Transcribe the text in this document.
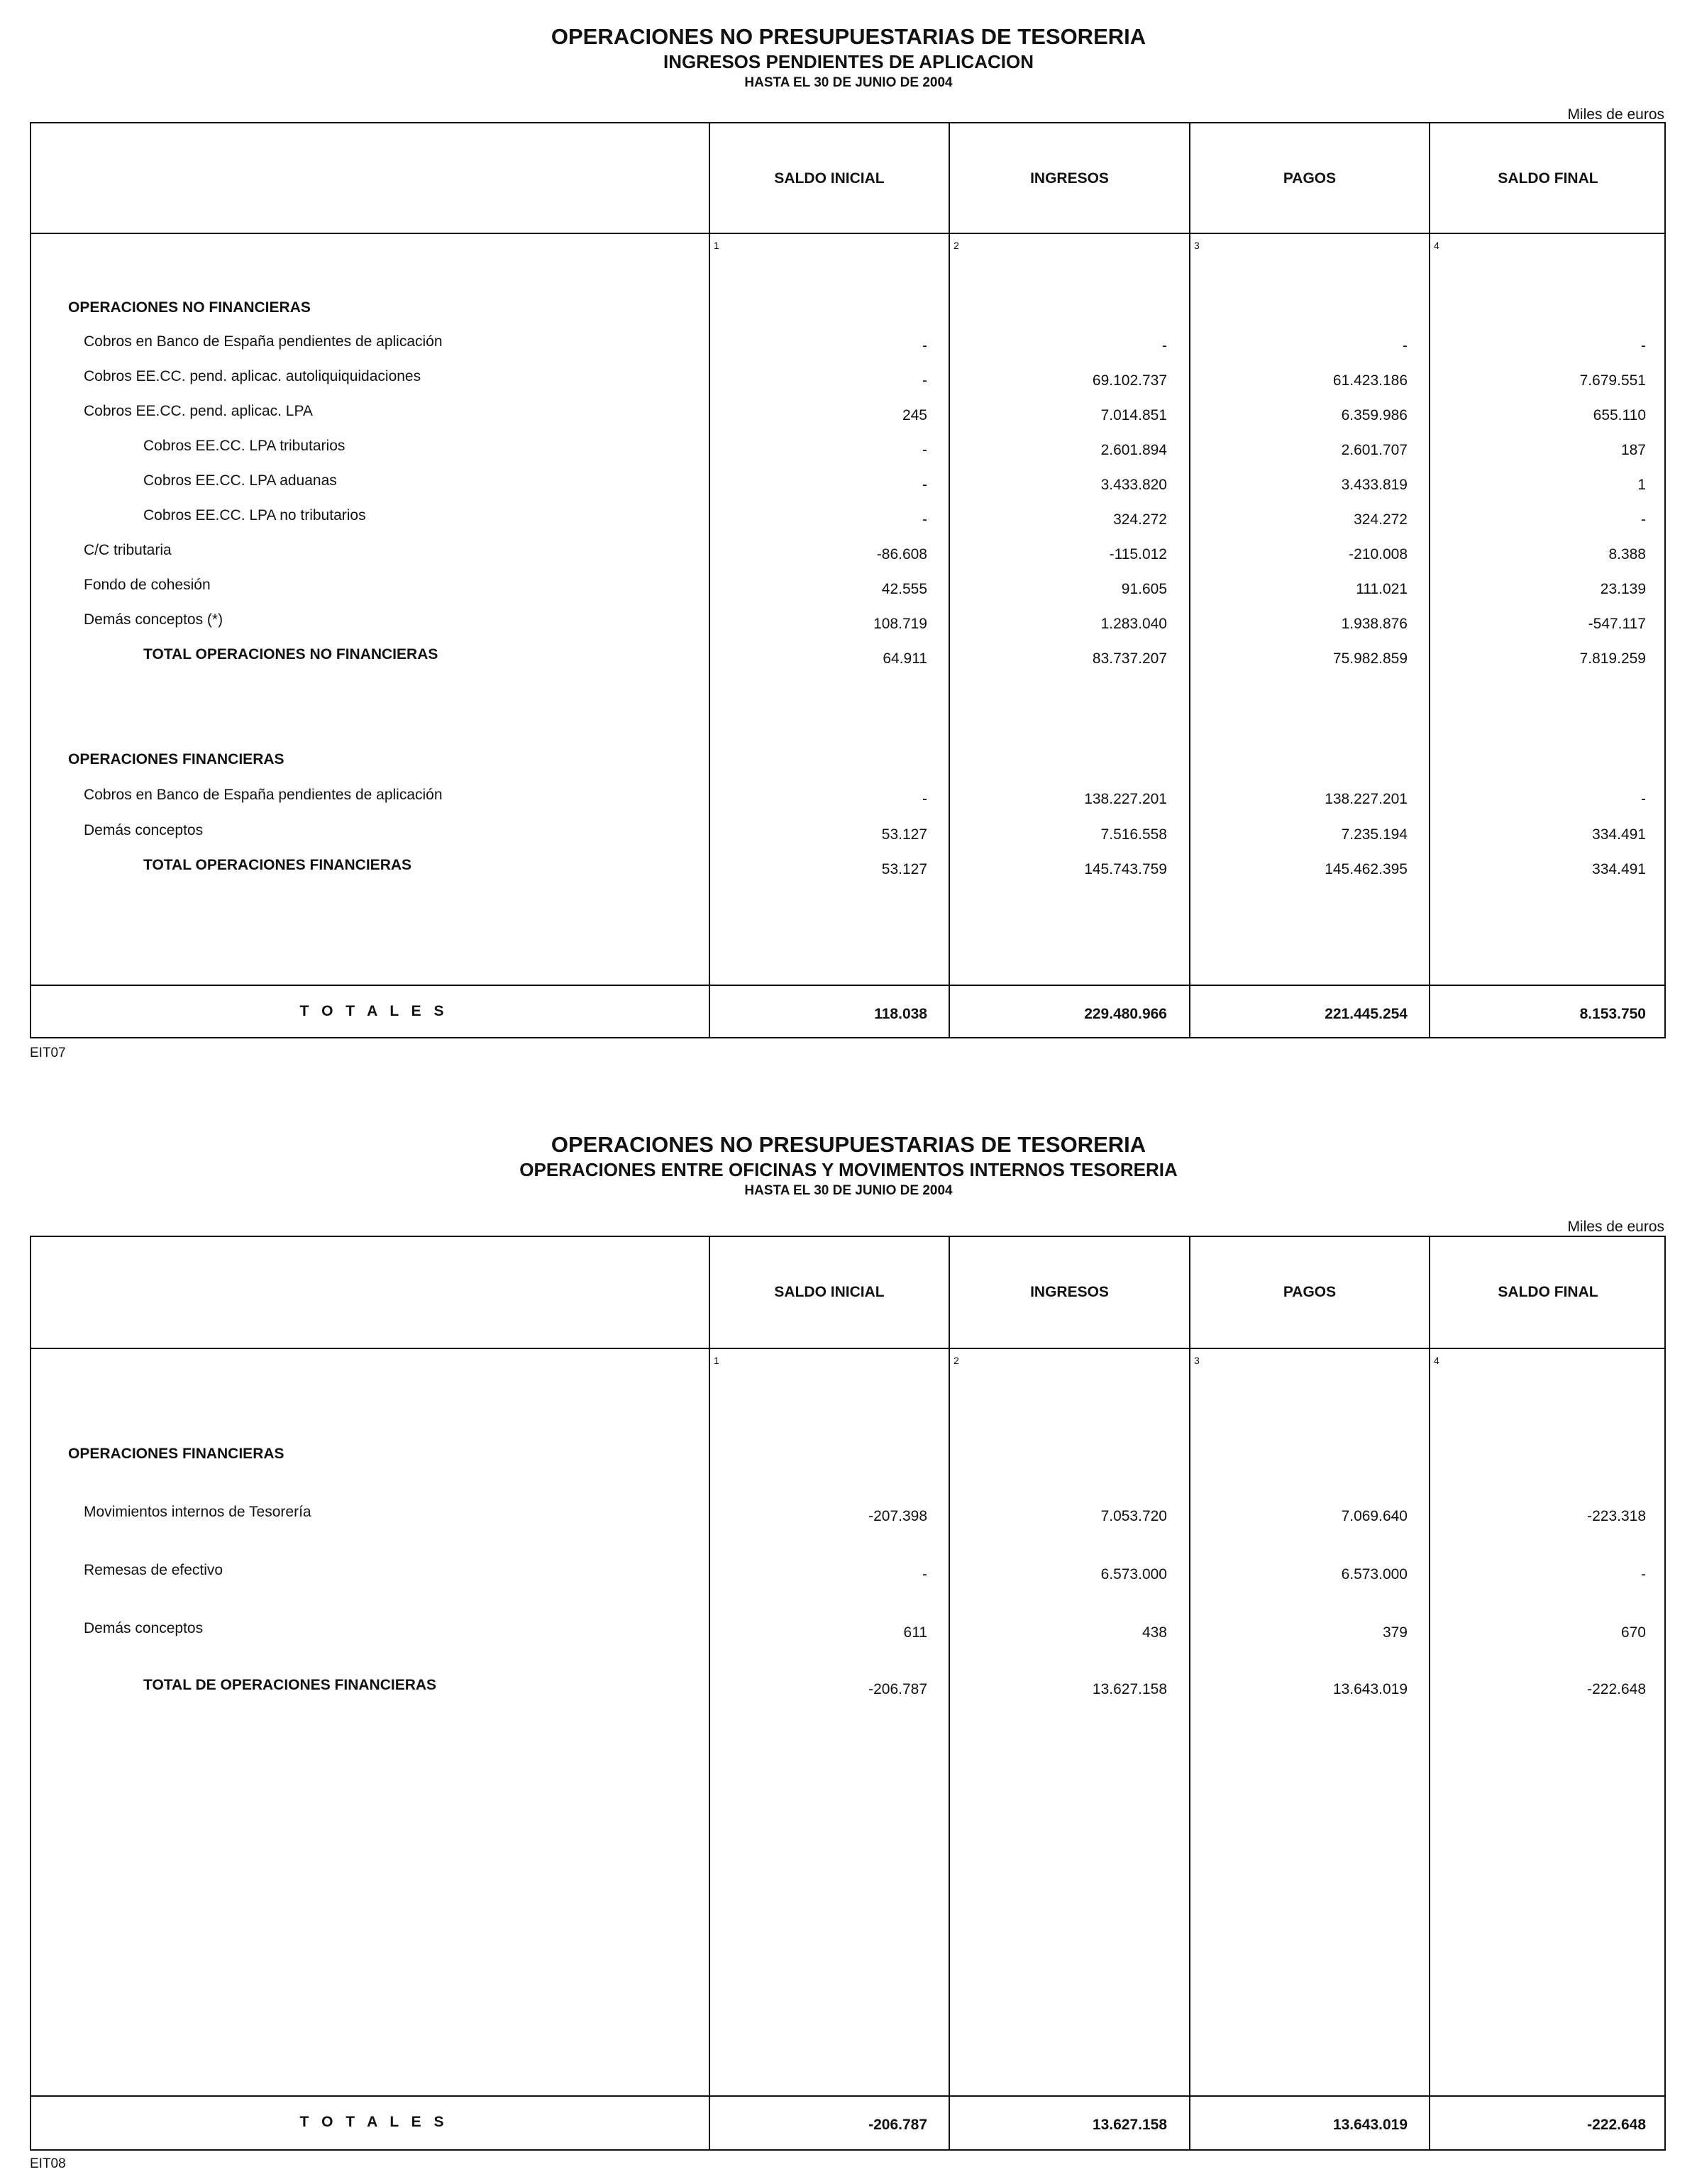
OPERACIONES NO PRESUPUESTARIAS DE TESORERIA
INGRESOS PENDIENTES DE APLICACION
HASTA EL 30 DE JUNIO DE 2004
Miles de euros
SALDO INICIAL	INGRESOS	PAGOS	SALDO FINAL
1	2	3	4
OPERACIONES NO FINANCIERAS
Cobros en Banco de España pendientes de aplicación	-	-	-	-
Cobros EE.CC. pend. aplicac. autoliquiquidaciones	-	69.102.737	61.423.186	7.679.551
Cobros EE.CC. pend. aplicac. LPA	245	7.014.851	6.359.986	655.110
Cobros EE.CC. LPA tributarios	-	2.601.894	2.601.707	187
Cobros EE.CC. LPA aduanas	-	3.433.820	3.433.819	1
Cobros EE.CC. LPA no tributarios	-	324.272	324.272	-
C/C tributaria	-86.608	-115.012	-210.008	8.388
Fondo de cohesión	42.555	91.605	111.021	23.139
Demás conceptos (*)	108.719	1.283.040	1.938.876	-547.117
TOTAL OPERACIONES NO FINANCIERAS	64.911	83.737.207	75.982.859	7.819.259
OPERACIONES FINANCIERAS
Cobros en Banco de España pendientes de aplicación	-	138.227.201	138.227.201	-
Demás conceptos	53.127	7.516.558	7.235.194	334.491
TOTAL OPERACIONES FINANCIERAS	53.127	145.743.759	145.462.395	334.491
T O T A L E S	118.038	229.480.966	221.445.254	8.153.750
EIT07
OPERACIONES NO PRESUPUESTARIAS DE TESORERIA
OPERACIONES ENTRE OFICINAS Y MOVIMENTOS INTERNOS TESORERIA
HASTA EL 30 DE JUNIO DE 2004
Miles de euros
SALDO INICIAL	INGRESOS	PAGOS	SALDO FINAL
1	2	3	4
OPERACIONES FINANCIERAS
Movimientos internos de Tesorería	-207.398	7.053.720	7.069.640	-223.318
Remesas de efectivo	-	6.573.000	6.573.000	-
Demás conceptos	611	438	379	670
TOTAL DE OPERACIONES FINANCIERAS	-206.787	13.627.158	13.643.019	-222.648
T O T A L E S	-206.787	13.627.158	13.643.019	-222.648
EIT08
